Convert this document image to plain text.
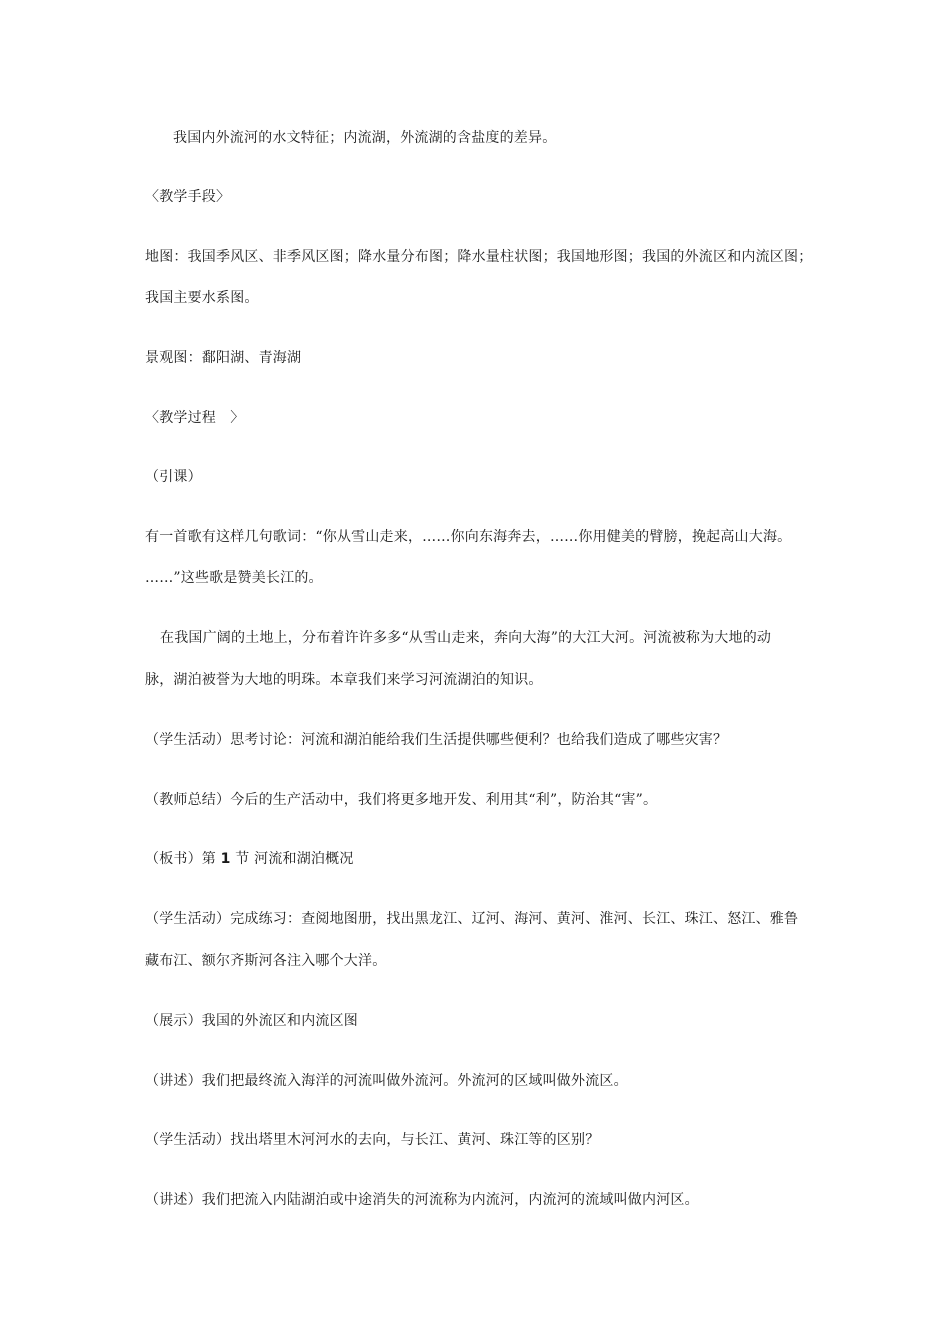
我国内外流河的水文特征；内流湖，外流湖的含盐度的差异。
〈教学手段〉
地图：我国季风区、非季风区图；降水量分布图；降水量柱状图；我国地形图；我国的外流区和内流区图；
我国主要水系图。
景观图：鄱阳湖、青海湖
〈教学过程　〉
（引课）
有一首歌有这样几句歌词：“你从雪山走来，……你向东海奔去，……你用健美的臂膀，挽起高山大海。
……”这些歌是赞美长江的。
在我国广阔的土地上，分布着许许多多“从雪山走来，奔向大海”的大江大河。河流被称为大地的动
脉，湖泊被誉为大地的明珠。本章我们来学习河流湖泊的知识。
（学生活动）思考讨论：河流和湖泊能给我们生活提供哪些便利？也给我们造成了哪些灾害？
（教师总结）今后的生产活动中，我们将更多地开发、利用其“利”，防治其“害”。
（板书）第 1 节 河流和湖泊概况
（学生活动）完成练习：查阅地图册，找出黑龙江、辽河、海河、黄河、淮河、长江、珠江、怒江、雅鲁
藏布江、额尔齐斯河各注入哪个大洋。
（展示）我国的外流区和内流区图
（讲述）我们把最终流入海洋的河流叫做外流河。外流河的区域叫做外流区。
（学生活动）找出塔里木河河水的去向，与长江、黄河、珠江等的区别？
（讲述）我们把流入内陆湖泊或中途消失的河流称为内流河，内流河的流域叫做内河区。
